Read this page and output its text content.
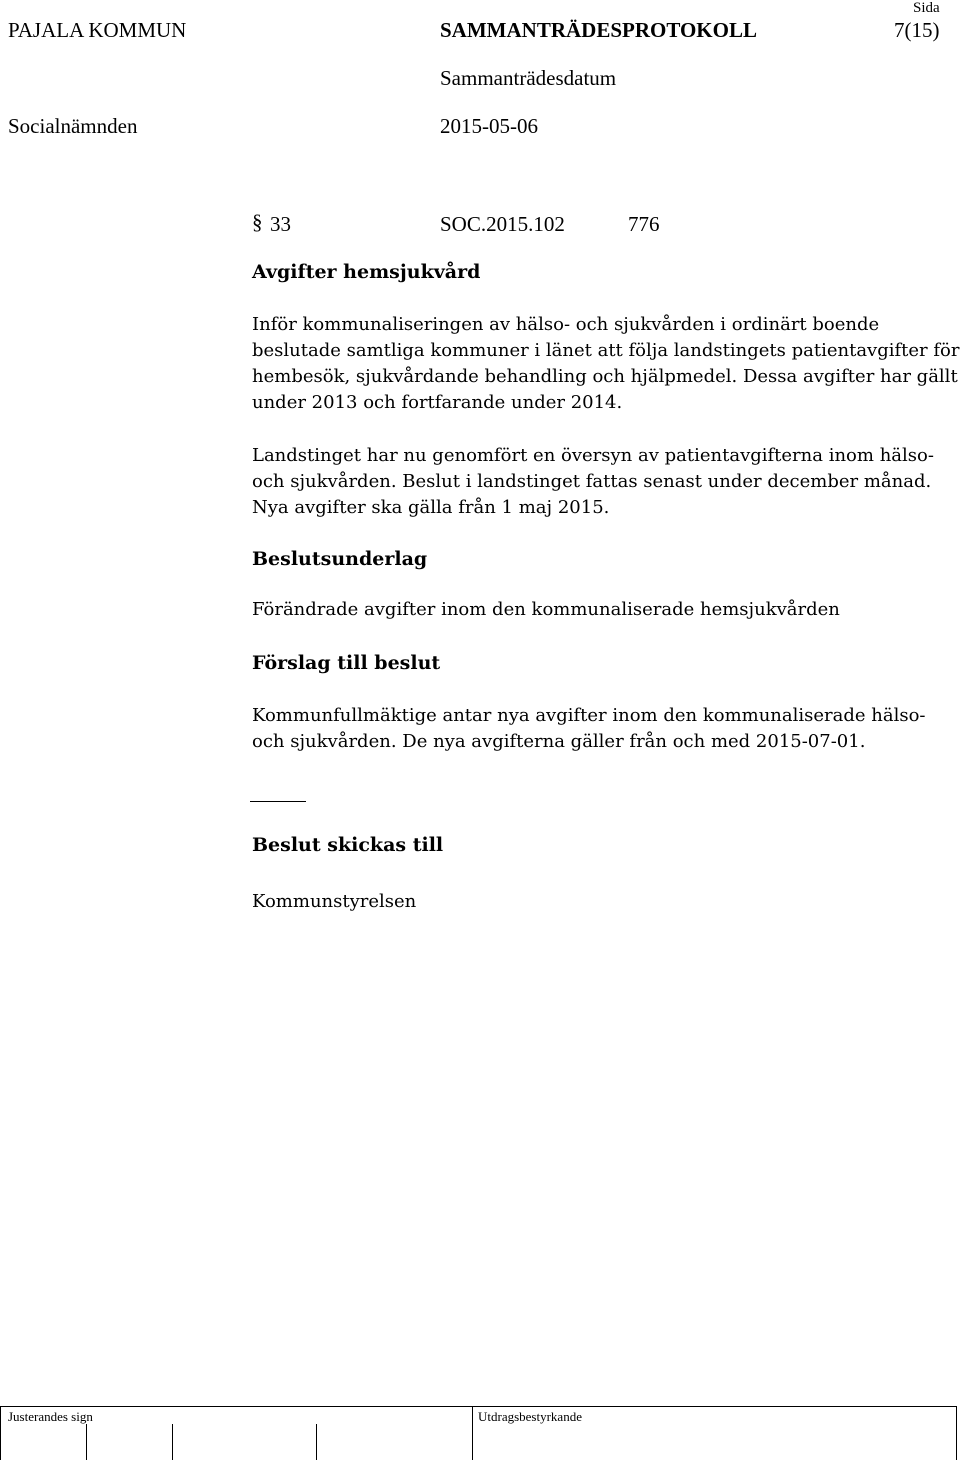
PAJALA KOMMUN	SAMMANTRÄDESPROTOKOLL
Sida
7(15)
Sammanträdesdatum
Socialnämnden	2015-05-06
§ 33	SOC.2015.102	776
Avgifter hemsjukvård
Inför kommunaliseringen av hälso- och sjukvården i ordinärt boende
beslutade samtliga kommuner i länet att följa landstingets patientavgifter för
hembesök, sjukvårdande behandling och hjälpmedel. Dessa avgifter har gällt
under 2013 och fortfarande under 2014.
Landstinget har nu genomfört en översyn av patientavgifterna inom hälso-
och sjukvården. Beslut i landstinget fattas senast under december månad.
Nya avgifter ska gälla från 1 maj 2015.
Beslutsunderlag
Förändrade avgifter inom den kommunaliserade hemsjukvården
Förslag till beslut
Kommunfullmäktige antar nya avgifter inom den kommunaliserade hälso-
och sjukvården. De nya avgifterna gäller från och med 2015-07-01.
Beslut skickas till
Kommunstyrelsen
Justerandes sign	Utdragsbestyrkande
